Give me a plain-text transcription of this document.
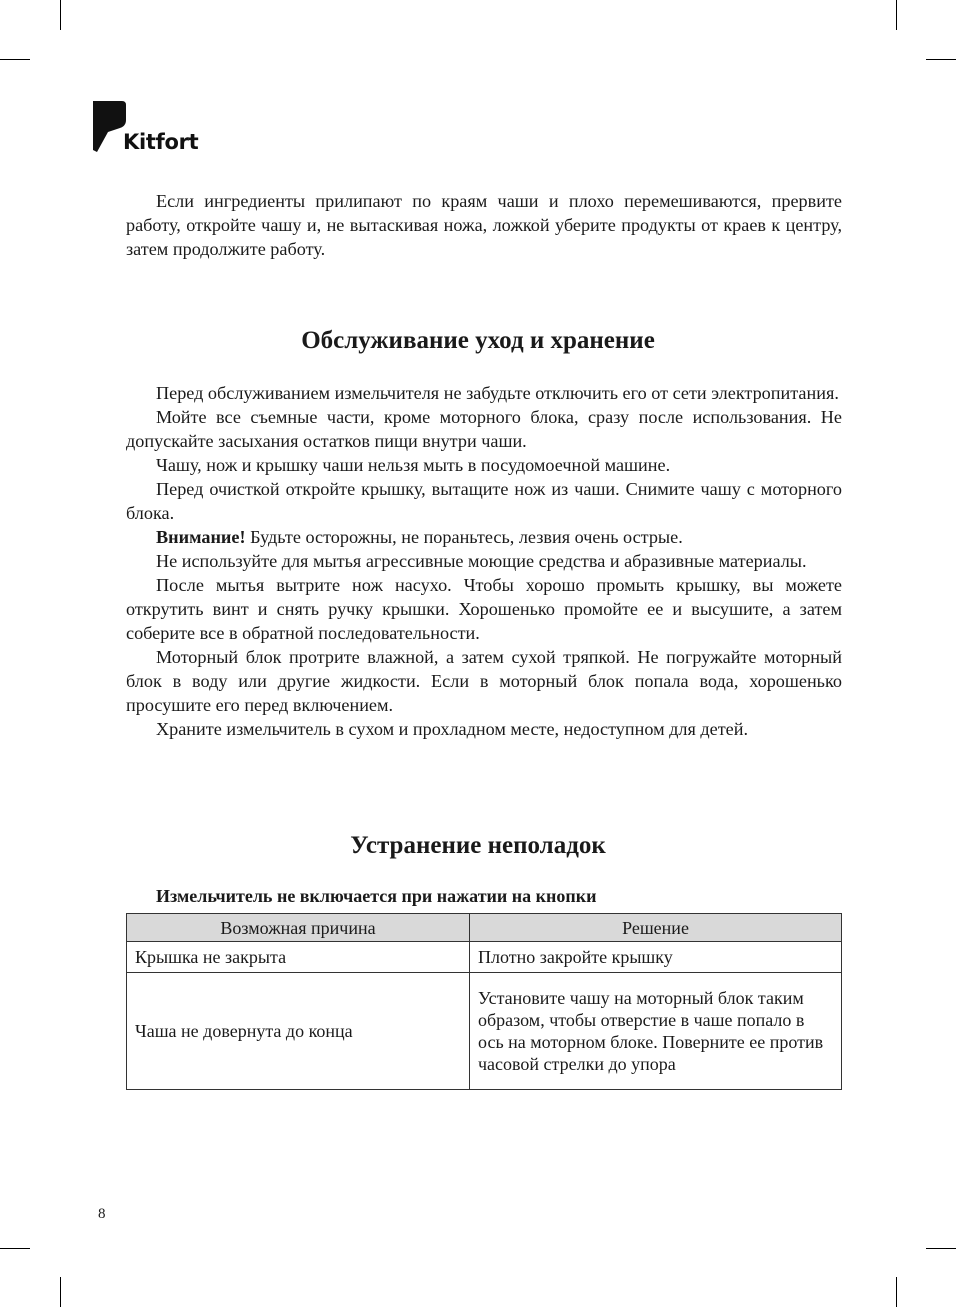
Kitfort

Если ингредиенты прилипают по краям чаши и плохо перемешиваются, прервите работу, откройте чашу и, не вытаскивая ножа, ложкой уберите продукты от краев к центру, затем продолжите работу.

Обслуживание уход и хранение

Перед обслуживанием измельчителя не забудьте отключить его от сети электропитания.

Мойте все съемные части, кроме моторного блока, сразу после использования. Не допускайте засыхания остатков пищи внутри чаши.

Чашу, нож и крышку чаши нельзя мыть в посудомоечной машине.

Перед очисткой откройте крышку, вытащите нож из чаши. Снимите чашу с моторного блока.

Внимание! Будьте осторожны, не пораньтесь, лезвия очень острые.

Не используйте для мытья агрессивные моющие средства и абразивные материалы.

После мытья вытрите нож насухо. Чтобы хорошо промыть крышку, вы можете открутить винт и снять ручку крышки. Хорошенько промойте ее и высушите, а затем соберите все в обратной последовательности.

Моторный блок протрите влажной, а затем сухой тряпкой. Не погружайте моторный блок в воду или другие жидкости. Если в моторный блок попала вода, хорошенько просушите его перед включением.

Храните измельчитель в сухом и прохладном месте, недоступном для детей.

Устранение неполадок

Измельчитель не включается при нажатии на кнопки

Возможная причина	Решение
Крышка не закрыта	Плотно закройте крышку
Чаша не довернута до конца	Установите чашу на моторный блок таким образом, чтобы отверстие в чаше попало в ось на моторном блоке. Поверните ее против часовой стрелки до упора
8
